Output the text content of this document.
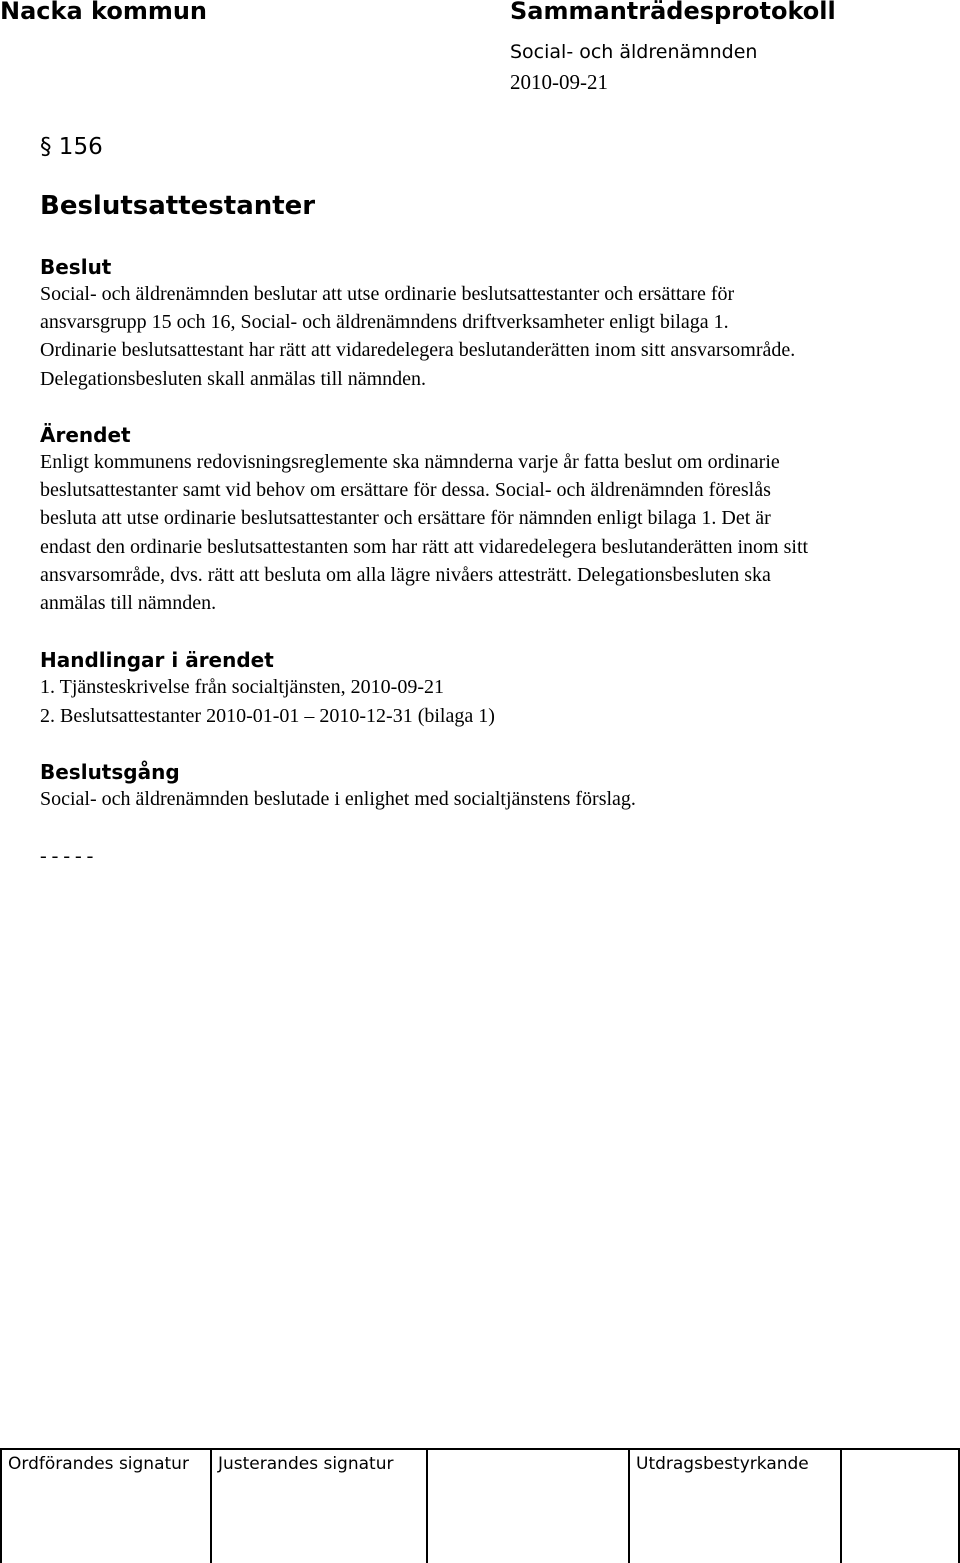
Nacka kommun	Sammanträdesprotokoll
Social- och äldrenämnden
2010-09-21
§ 156
Beslutsattestanter
Beslut
Social- och äldrenämnden beslutar att utse ordinarie beslutsattestanter och ersättare för
ansvarsgrupp 15 och 16, Social- och äldrenämndens driftverksamheter enligt bilaga 1.
Ordinarie beslutsattestant har rätt att vidaredelegera beslutanderätten inom sitt ansvarsområde.
Delegationsbesluten skall anmälas till nämnden.
Ärendet
Enligt kommunens redovisningsreglemente ska nämnderna varje år fatta beslut om ordinarie
beslutsattestanter samt vid behov om ersättare för dessa. Social- och äldrenämnden föreslås
besluta att utse ordinarie beslutsattestanter och ersättare för nämnden enligt bilaga 1. Det är
endast den ordinarie beslutsattestanten som har rätt att vidaredelegera beslutanderätten inom sitt
ansvarsområde, dvs. rätt att besluta om alla lägre nivåers attesträtt. Delegationsbesluten ska
anmälas till nämnden.
Handlingar i ärendet
1. Tjänsteskrivelse från socialtjänsten, 2010-09-21
2. Beslutsattestanter 2010-01-01 – 2010-12-31 (bilaga 1)
Beslutsgång
Social- och äldrenämnden beslutade i enlighet med socialtjänstens förslag.
- - - - -
Ordförandes signatur Justerandes signatur	Utdragsbestyrkande
